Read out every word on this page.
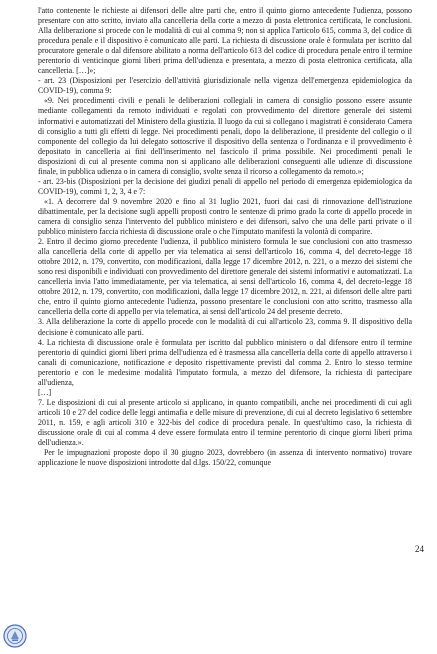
l'atto contenente le richieste ai difensori delle altre parti che, entro il quinto giorno antecedente l'udienza, possono presentare con atto scritto, inviato alla cancelleria della corte a mezzo di posta elettronica certificata, le conclusioni. Alla deliberazione si procede con le modalità di cui al comma 9; non si applica l'articolo 615, comma 3, del codice di procedura penale e il dispositivo è comunicato alle parti. La richiesta di discussione orale è formulata per iscritto dal procuratore generale o dal difensore abilitato a norma dell'articolo 613 del codice di procedura penale entro il termine perentorio di venticinque giorni liberi prima dell'udienza e presentata, a mezzo di posta elettronica certificata, alla cancelleria. […]»;

- art. 23 (Disposizioni per l'esercizio dell'attività giurisdizionale nella vigenza dell'emergenza epidemiologica da COVID-19), comma 9:

«9. Nei procedimenti civili e penali le deliberazioni collegiali in camera di consiglio possono essere assunte mediante collegamenti da remoto individuati e regolati con provvedimento del direttore generale dei sistemi informativi e automatizzati del Ministero della giustizia. Il luogo da cui si collegano i magistrati è considerato Camera di consiglio a tutti gli effetti di legge. Nei procedimenti penali, dopo la deliberazione, il presidente del collegio o il componente del collegio da lui delegato sottoscrive il dispositivo della sentenza o l'ordinanza e il provvedimento è depositato in cancelleria ai fini dell'inserimento nel fascicolo il prima possibile. Nei procedimenti penali le disposizioni di cui al presente comma non si applicano alle deliberazioni conseguenti alle udienze di discussione finale, in pubblica udienza o in camera di consiglio, svolte senza il ricorso a collegamento da remoto.»;

- art. 23-bis (Disposizioni per la decisione dei giudizi penali di appello nel periodo di emergenza epidemiologica da COVID-19), commi 1, 2, 3, 4 e 7:

«1. A decorrere dal 9 novembre 2020 e fino al 31 luglio 2021, fuori dai casi di rinnovazione dell'istruzione dibattimentale, per la decisione sugli appelli proposti contro le sentenze di primo grado la corte di appello procede in camera di consiglio senza l'intervento del pubblico ministero e dei difensori, salvo che una delle parti private o il pubblico ministero faccia richiesta di discussione orale o che l'imputato manifesti la volontà di comparire.

2. Entro il decimo giorno precedente l'udienza, il pubblico ministero formula le sue conclusioni con atto trasmesso alla cancelleria della corte di appello per via telematica ai sensi dell'articolo 16, comma 4, del decreto-legge 18 ottobre 2012, n. 179, convertito, con modificazioni, dalla legge 17 dicembre 2012, n. 221, o a mezzo dei sistemi che sono resi disponibili e individuati con provvedimento del direttore generale dei sistemi informativi e automatizzati. La cancelleria invia l'atto immediatamente, per via telematica, ai sensi dell'articolo 16, comma 4, del decreto-legge 18 ottobre 2012, n. 179, convertito, con modificazioni, dalla legge 17 dicembre 2012, n. 221, ai difensori delle altre parti che, entro il quinto giorno antecedente l'udienza, possono presentare le conclusioni con atto scritto, trasmesso alla cancelleria della corte di appello per via telematica, ai sensi dell'articolo 24 del presente decreto.

3. Alla deliberazione la corte di appello procede con le modalità di cui all'articolo 23, comma 9. Il dispositivo della decisione è comunicato alle parti.

4. La richiesta di discussione orale è formulata per iscritto dal pubblico ministero o dal difensore entro il termine perentorio di quindici giorni liberi prima dell'udienza ed è trasmessa alla cancelleria della corte di appello attraverso i canali di comunicazione, notificazione e deposito rispettivamente previsti dal comma 2. Entro lo stesso termine perentorio e con le medesime modalità l'imputato formula, a mezzo del difensore, la richiesta di partecipare all'udienza,

[…]

7. Le disposizioni di cui al presente articolo si applicano, in quanto compatibili, anche nei procedimenti di cui agli articoli 10 e 27 del codice delle leggi antimafia e delle misure di prevenzione, di cui al decreto legislativo 6 settembre 2011, n. 159, e agli articoli 310 e 322-bis del codice di procedura penale. In quest'ultimo caso, la richiesta di discussione orale di cui al comma 4 deve essere formulata entro il termine perentorio di cinque giorni liberi prima dell'udienza.».

Per le impugnazioni proposte dopo il 30 giugno 2023, dovrebbero (in assenza di intervento normativo) trovare applicazione le nuove disposizioni introdotte dal d.lgs. 150/22, comunque

24
